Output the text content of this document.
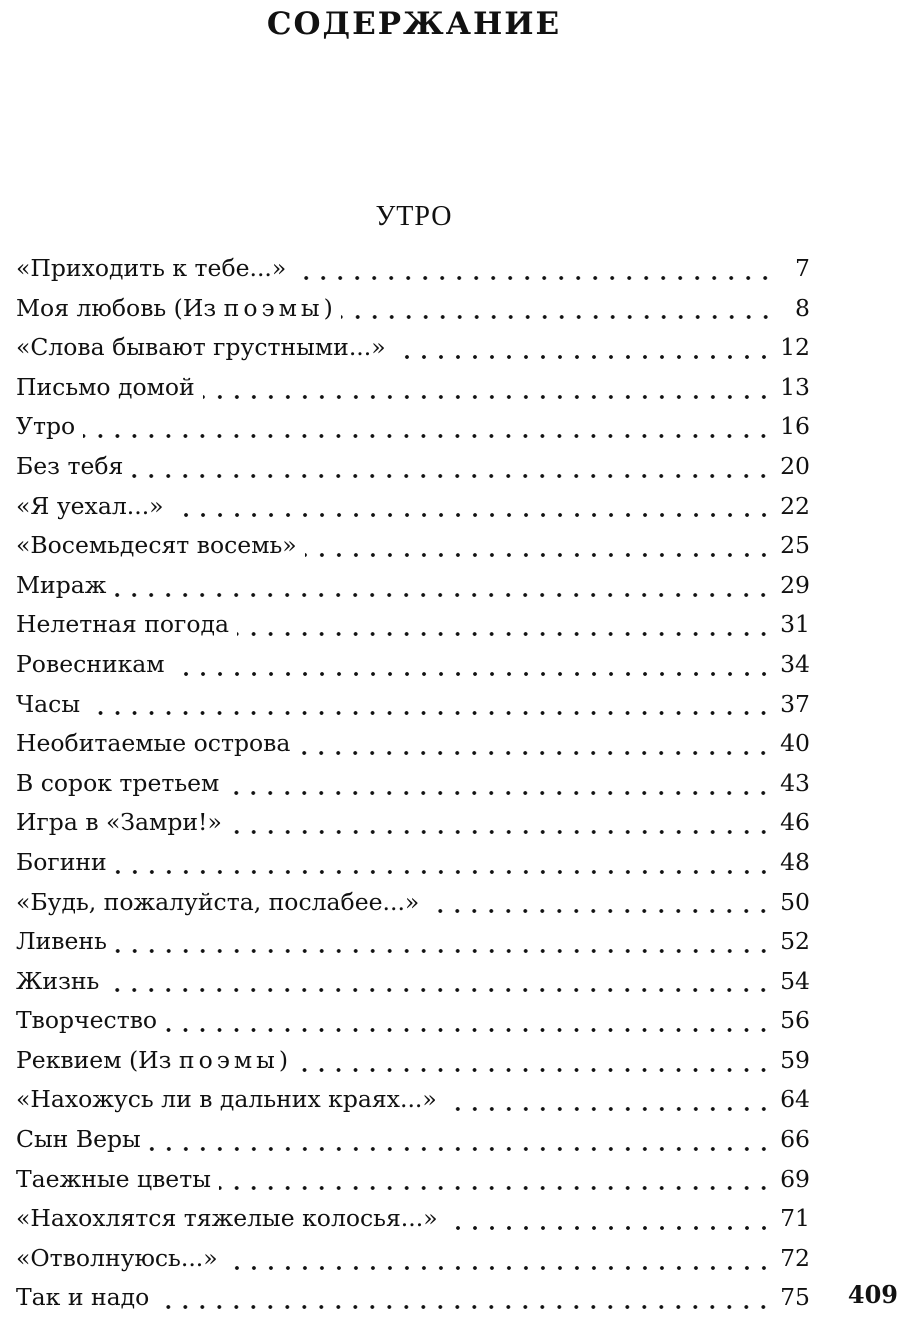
СОДЕРЖАНИЕ
УТРО
«Приходить к тебе...»	7
Моя любовь (Из поэмы)	8
«Слова бывают грустными...»	12
Письмо домой	13
Утро	16
Без тебя	20
«Я уехал...»	22
«Восемьдесят восемь»	25
Мираж	29
Нелетная погода	31
Ровесникам	34
Часы	37
Необитаемые острова	40
В сорок третьем	43
Игра в «Замри!»	46
Богини	48
«Будь, пожалуйста, послабее...»	50
Ливень	52
Жизнь	54
Творчество	56
Реквием (Из поэмы)	59
«Нахожусь ли в дальних краях...»	64
Сын Веры	66
Таежные цветы	69
«Нахохлятся тяжелые колосья...»	71
«Отволнуюсь...»	72
Так и надо	75 409
